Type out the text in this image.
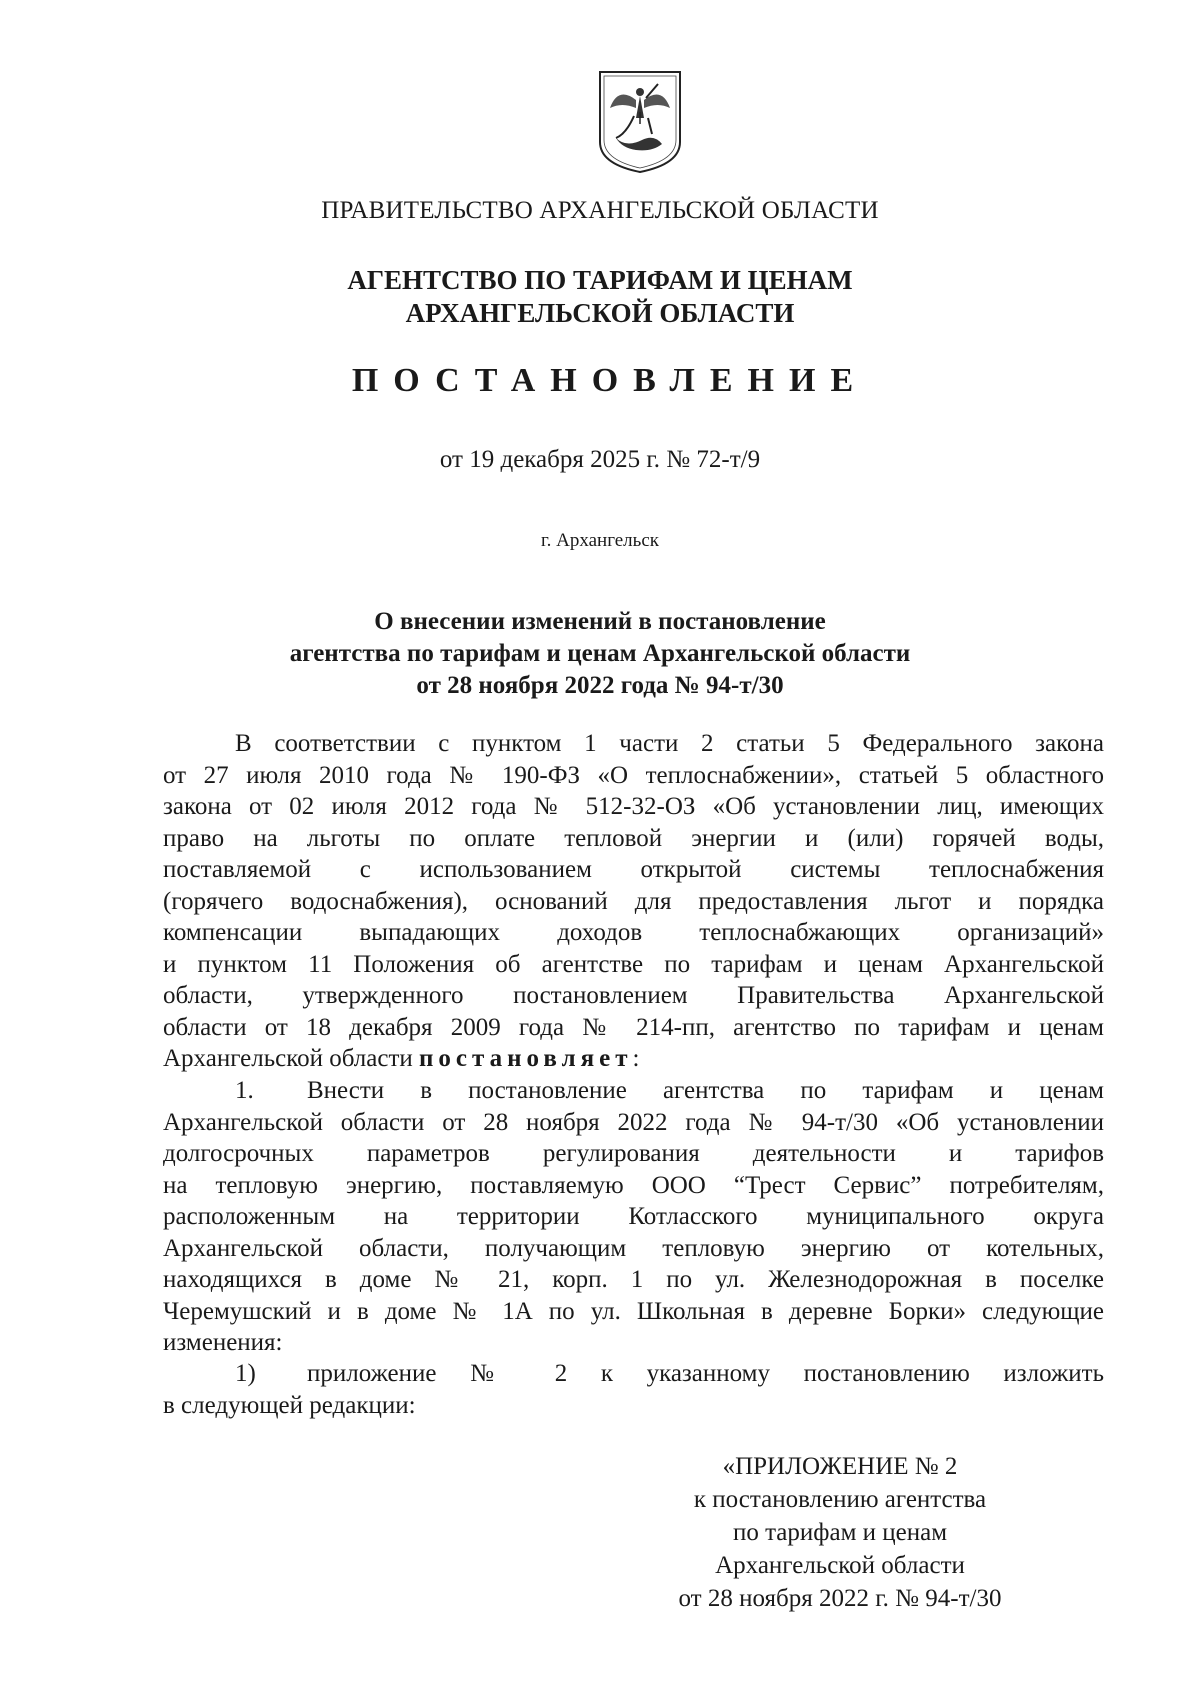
ПРАВИТЕЛЬСТВО АРХАНГЕЛЬСКОЙ ОБЛАСТИ
АГЕНТСТВО ПО ТАРИФАМ И ЦЕНАМ
АРХАНГЕЛЬСКОЙ ОБЛАСТИ
ПОСТАНОВЛЕНИЕ
от 19 декабря 2025 г. № 72-т/9
г. Архангельск
О внесении изменений в постановление
агентства по тарифам и ценам Архангельской области
от 28 ноября 2022 года № 94-т/30
В соответствии с пунктом 1 части 2 статьи 5 Федерального закона
от 27 июля 2010 года № 190-ФЗ «О теплоснабжении», статьей 5 областного
закона от 02 июля 2012 года № 512-32-ОЗ «Об установлении лиц, имеющих
право на льготы по оплате тепловой энергии и (или) горячей воды,
поставляемой с использованием открытой системы теплоснабжения
(горячего водоснабжения), оснований для предоставления льгот и порядка
компенсации выпадающих доходов теплоснабжающих организаций»
и пунктом 11 Положения об агентстве по тарифам и ценам Архангельской
области, утвержденного постановлением Правительства Архангельской
области от 18 декабря 2009 года № 214-пп, агентство по тарифам и ценам
Архангельской области постановляет:
1. Внести в постановление агентства по тарифам и ценам
Архангельской области от 28 ноября 2022 года № 94-т/30 «Об установлении
долгосрочных параметров регулирования деятельности и тарифов
на тепловую энергию, поставляемую ООО “Трест Сервис” потребителям,
расположенным на территории Котласского муниципального округа
Архангельской области, получающим тепловую энергию от котельных,
находящихся в доме № 21, корп. 1 по ул. Железнодорожная в поселке
Черемушский и в доме № 1А по ул. Школьная в деревне Борки» следующие
изменения:
1) приложение № 2 к указанному постановлению изложить
в следующей редакции:
«ПРИЛОЖЕНИЕ № 2
к постановлению агентства
по тарифам и ценам
Архангельской области
от 28 ноября 2022 г. № 94-т/30
